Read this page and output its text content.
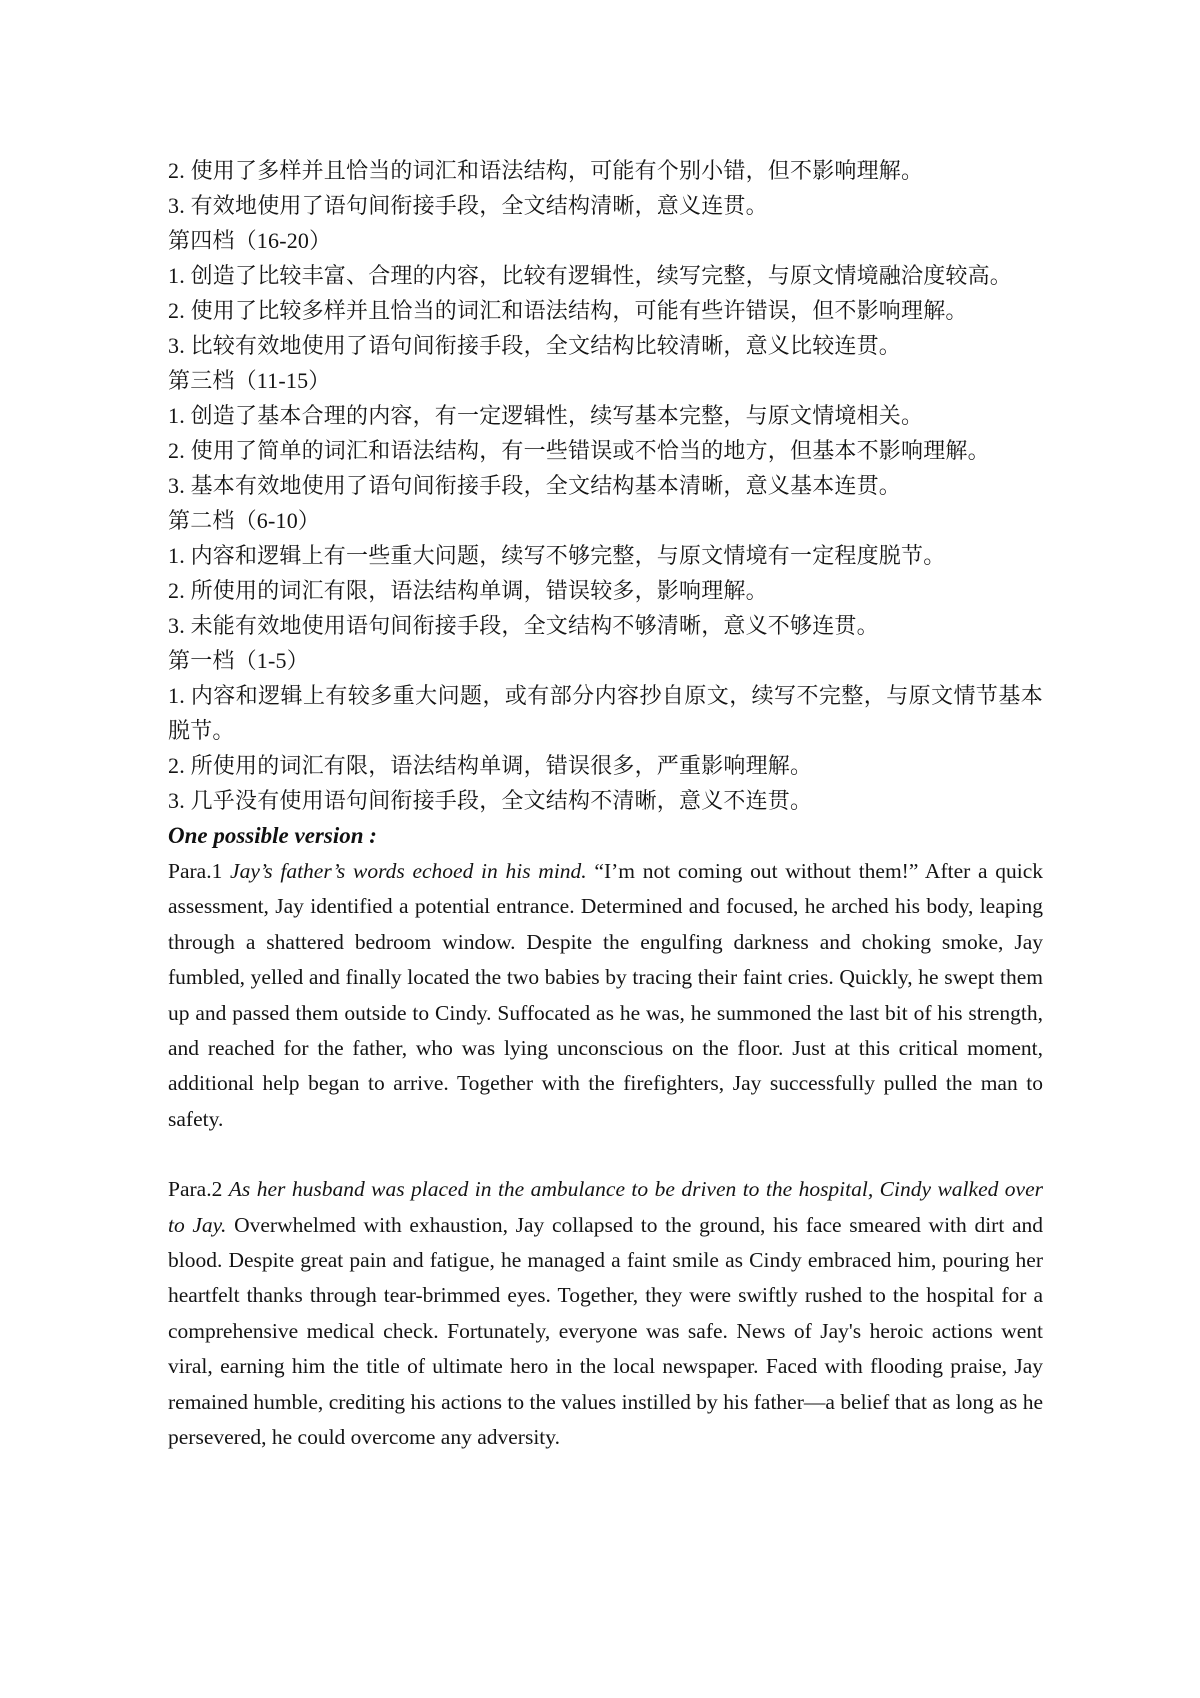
2. 使用了多样并且恰当的词汇和语法结构，可能有个别小错，但不影响理解。

3. 有效地使用了语句间衔接手段，全文结构清晰，意义连贯。

第四档（16-20）

1. 创造了比较丰富、合理的内容，比较有逻辑性，续写完整，与原文情境融洽度较高。

2. 使用了比较多样并且恰当的词汇和语法结构，可能有些许错误，但不影响理解。

3. 比较有效地使用了语句间衔接手段，全文结构比较清晰，意义比较连贯。

第三档（11-15）

1. 创造了基本合理的内容，有一定逻辑性，续写基本完整，与原文情境相关。

2. 使用了简单的词汇和语法结构，有一些错误或不恰当的地方，但基本不影响理解。

3. 基本有效地使用了语句间衔接手段，全文结构基本清晰，意义基本连贯。

第二档（6-10）

1. 内容和逻辑上有一些重大问题，续写不够完整，与原文情境有一定程度脱节。

2. 所使用的词汇有限，语法结构单调，错误较多，影响理解。

3. 未能有效地使用语句间衔接手段，全文结构不够清晰，意义不够连贯。

第一档（1-5）

1. 内容和逻辑上有较多重大问题，或有部分内容抄自原文，续写不完整，与原文情节基本脱节。

2. 所使用的词汇有限，语法结构单调，错误很多，严重影响理解。

3. 几乎没有使用语句间衔接手段，全文结构不清晰，意义不连贯。

One possible version :

Para.1 Jay’s father’s words echoed in his mind. “I’m not coming out without them!” After a quick assessment, Jay identified a potential entrance. Determined and focused, he arched his body, leaping through a shattered bedroom window. Despite the engulfing darkness and choking smoke, Jay fumbled, yelled and finally located the two babies by tracing their faint cries. Quickly, he swept them up and passed them outside to Cindy. Suffocated as he was, he summoned the last bit of his strength, and reached for the father, who was lying unconscious on the floor. Just at this critical moment, additional help began to arrive. Together with the firefighters, Jay successfully pulled the man to safety.

Para.2 As her husband was placed in the ambulance to be driven to the hospital, Cindy walked over to Jay. Overwhelmed with exhaustion, Jay collapsed to the ground, his face smeared with dirt and blood. Despite great pain and fatigue, he managed a faint smile as Cindy embraced him, pouring her heartfelt thanks through tear-brimmed eyes. Together, they were swiftly rushed to the hospital for a comprehensive medical check. Fortunately, everyone was safe. News of Jay's heroic actions went viral, earning him the title of ultimate hero in the local newspaper. Faced with flooding praise, Jay remained humble, crediting his actions to the values instilled by his father—a belief that as long as he persevered, he could overcome any adversity.
